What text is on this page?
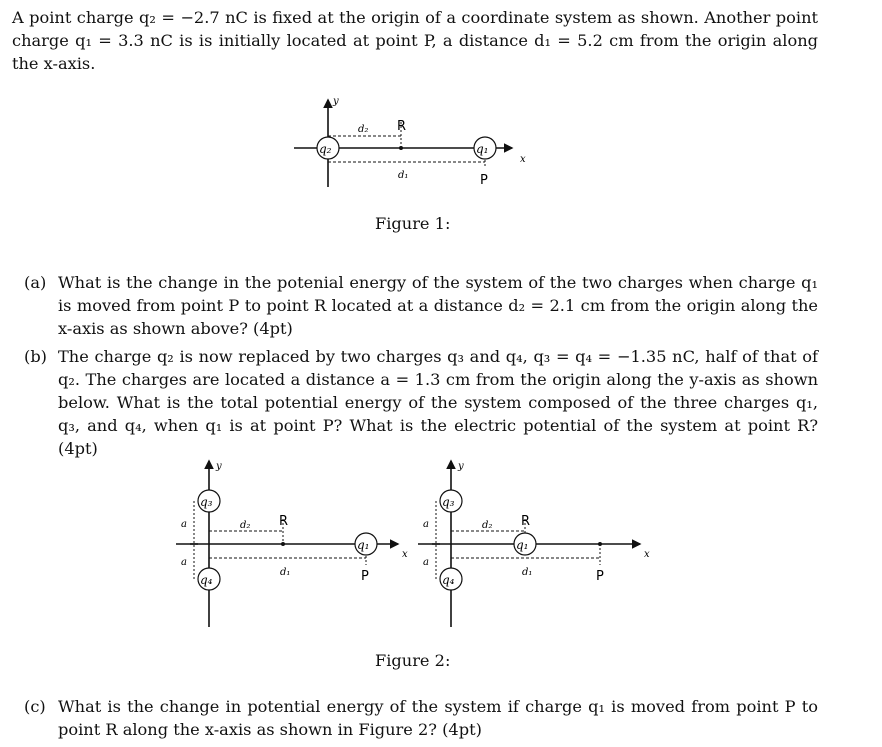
A point charge q₂ = −2.7 nC is fixed at the origin of a coordinate system as shown. Another point charge q₁ = 3.3 nC is is initially located at point P, a distance d₁ = 5.2 cm from the origin along the x-axis.
y
x
d₂ R
d₁	P
q₂	q₁
Figure 1:
(a) What is the change in the potenial energy of the system of the two charges when charge q₁ is moved from point P to point R located at a distance d₂ = 2.1 cm from the origin along the x-axis as shown above? (4pt)
(b) The charge q₂ is now replaced by two charges q₃ and q₄, q₃ = q₄ = −1.35 nC, half of that of q₂. The charges are located a distance a = 1.3 cm from the origin along the y-axis as shown below. What is the total potential energy of the system composed of the three charges q₁, q₃, and q₄, when q₁ is at point P? What is the electric potential of the system at point R? (4pt)
y
x
a
a
d₂ R
d₁	P
q₃
q₄
q₁
y
x
a
a
d₂ R
d₁	P
q₃
q₄
q₁
Figure 2:
(c) What is the change in potential energy of the system if charge q₁ is moved from point P to point R along the x-axis as shown in Figure 2? (4pt)
